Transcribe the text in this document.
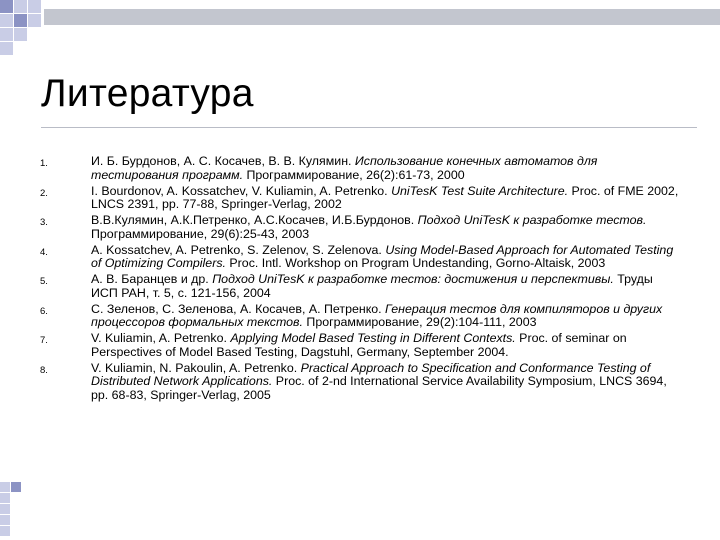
Литература
1.	И. Б. Бурдонов, А. С. Косачев, В. В. Кулямин. Использование конечных автоматов для тестирования программ. Программирование, 26(2):61-73, 2000
2.	I. Bourdonov, A. Kossatchev, V. Kuliamin, A. Petrenko. UniTesK Test Suite Architecture. Proc. of FME 2002, LNCS 2391, pp. 77-88, Springer-Verlag, 2002
3.	В.В.Кулямин, А.К.Петренко, А.С.Косачев, И.Б.Бурдонов. Подход UniTesK к разработке тестов. Программирование, 29(6):25-43, 2003
4.	A. Kossatchev, A. Petrenko, S. Zelenov, S. Zelenova. Using Model-Based Approach for Automated Testing of Optimizing Compilers. Proc. Intl. Workshop on Program Undestanding, Gorno-Altaisk, 2003
5.	А. В. Баранцев и др. Подход UniTesK к разработке тестов: достижения и перспективы. Труды ИСП РАН, т. 5, с. 121-156, 2004
6.	С. Зеленов, С. Зеленова, А. Косачев, А. Петренко. Генерация тестов для компиляторов и других процессоров формальных текстов. Программирование, 29(2):104-111, 2003
7.	V. Kuliamin, A. Petrenko. Applying Model Based Testing in Different Contexts. Proc. of seminar on Perspectives of Model Based Testing, Dagstuhl, Germany, September 2004.
8.	V. Kuliamin, N. Pakoulin, A. Petrenko. Practical Approach to Specification and Conformance Testing of Distributed Network Applications. Proc. of 2-nd International Service Availability Symposium, LNCS 3694, pp. 68-83, Springer-Verlag, 2005
